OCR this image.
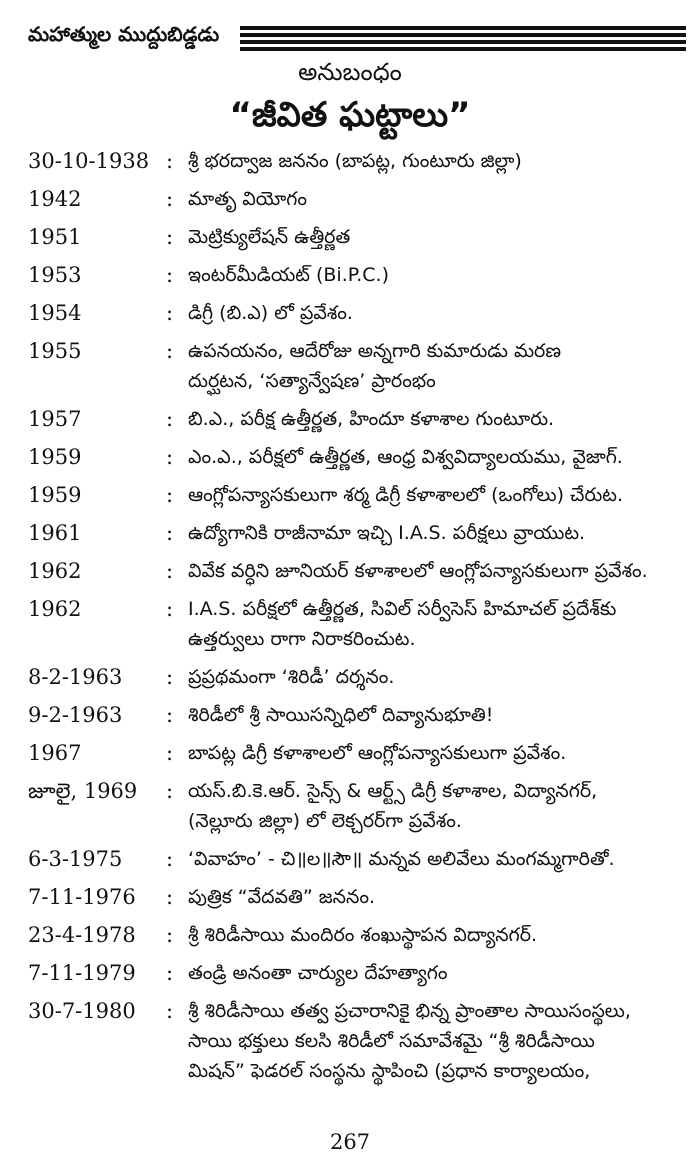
మహాత్ముల ముద్దుబిడ్డడు
అనుబంధం
“జీవిత ఘట్టాలు”
30-10-1938 : శ్రీ భరద్వాజ జననం (బాపట్ల, గుంటూరు జిల్లా)
1942	: మాతృ వియోగం
1951	: మెట్రిక్యులేషన్ ఉత్తీర్ణత
1953	: ఇంటర్‌మీడియట్ (Bi.P.C.)
1954	: డిగ్రీ (బి.ఎ) లో ప్రవేశం.
1955	: ఉపనయనం, ఆదేరోజు అన్నగారి కుమారుడు మరణ
దుర్ఘటన, ‘సత్యాన్వేషణ’ ప్రారంభం
1957	: బి.ఎ., పరీక్ష ఉత్తీర్ణత, హిందూ కళాశాల గుంటూరు.
1959	: ఎం.ఎ., పరీక్షలో ఉత్తీర్ణత, ఆంధ్ర విశ్వవిద్యాలయము, వైజాగ్.
1959	: ఆంగ్లోపన్యాసకులుగా శర్మ డిగ్రీ కళాశాలలో (ఒంగోలు) చేరుట.
1961	: ఉద్యోగానికి రాజీనామా ఇచ్చి I.A.S. పరీక్షలు వ్రాయుట.
1962	: వివేక వర్ధిని జూనియర్ కళాశాలలో ఆంగ్లోపన్యాసకులుగా ప్రవేశం.
1962	: I.A.S. పరీక్షలో ఉత్తీర్ణత, సివిల్ సర్వీసెస్ హిమాచల్ ప్రదేశ్‌కు
ఉత్తర్వులు రాగా నిరాకరించుట.
8-2-1963	: ప్రప్రథమంగా ‘శిరిడీ’ దర్శనం.
9-2-1963	: శిరిడీలో శ్రీ సాయిసన్నిధిలో దివ్యానుభూతి!
1967	: బాపట్ల డిగ్రీ కళాశాలలో ఆంగ్లోపన్యాసకులుగా ప్రవేశం.
జూలై, 1969	: యస్.బి.కె.ఆర్. సైన్స్ & ఆర్ట్స్ డిగ్రీ కళాశాల, విద్యానగర్,
(నెల్లూరు జిల్లా) లో లెక్చరర్‌గా ప్రవేశం.
6-3-1975	: ‘వివాహం’ - చి॥ల॥సౌ॥ మన్నవ అలివేలు మంగమ్మగారితో.
7-11-1976	: పుత్రిక “వేదవతి” జననం.
23-4-1978	: శ్రీ శిరిడీసాయి మందిరం శంఖుస్థాపన విద్యానగర్.
7-11-1979	: తండ్రి అనంతా చార్యుల దేహత్యాగం
30-7-1980	: శ్రీ శిరిడీసాయి తత్వ ప్రచారానికై భిన్న ప్రాంతాల సాయిసంస్థలు,
సాయి భక్తులు కలసి శిరిడీలో సమావేశమై “శ్రీ శిరిడీసాయి
మిషన్” ఫెడరల్ సంస్థను స్థాపించి (ప్రధాన కార్యాలయం,
267
